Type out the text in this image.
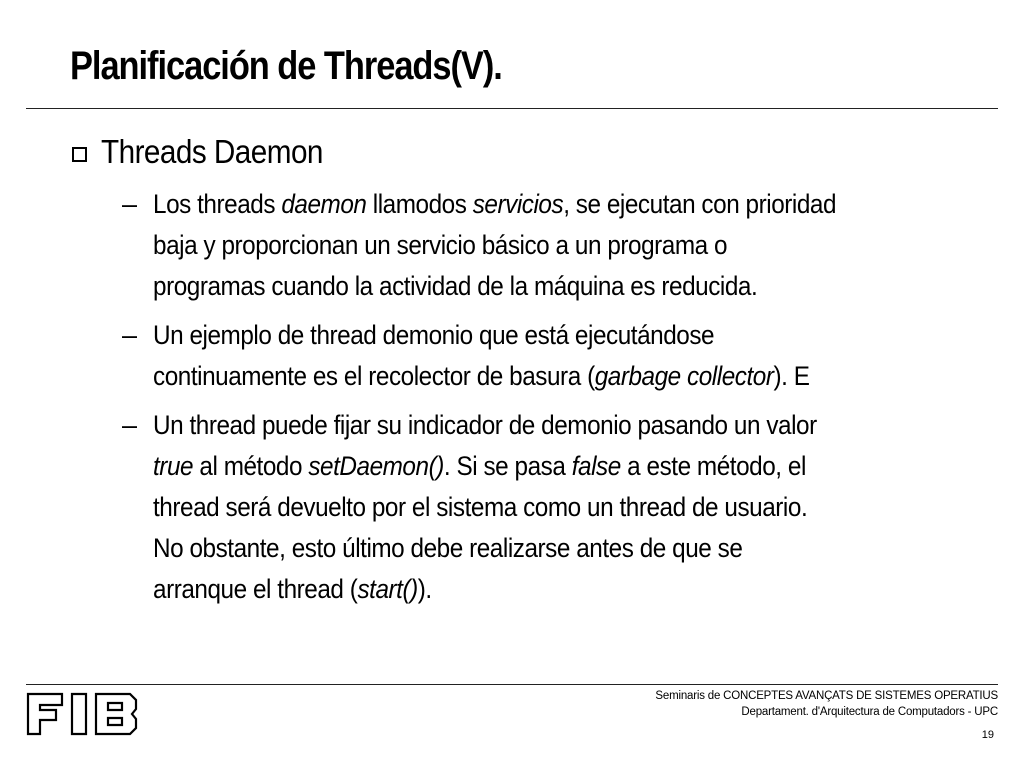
Planificación de Threads(V).
Threads Daemon
– Los threads daemon llamodos servicios, se ejecutan con prioridad
baja y proporcionan un servicio básico a un programa o
programas cuando la actividad de la máquina es reducida.
– Un ejemplo de thread demonio que está ejecutándose
continuamente es el recolector de basura (garbage collector). E
– Un thread puede fijar su indicador de demonio pasando un valor
true al método setDaemon(). Si se pasa false a este método, el
thread será devuelto por el sistema como un thread de usuario.
No obstante, esto último debe realizarse antes de que se
arranque el thread (start()).
Seminaris de CONCEPTES AVANÇATS DE SISTEMES OPERATIUS
Departament. d'Arquitectura de Computadors - UPC
19
